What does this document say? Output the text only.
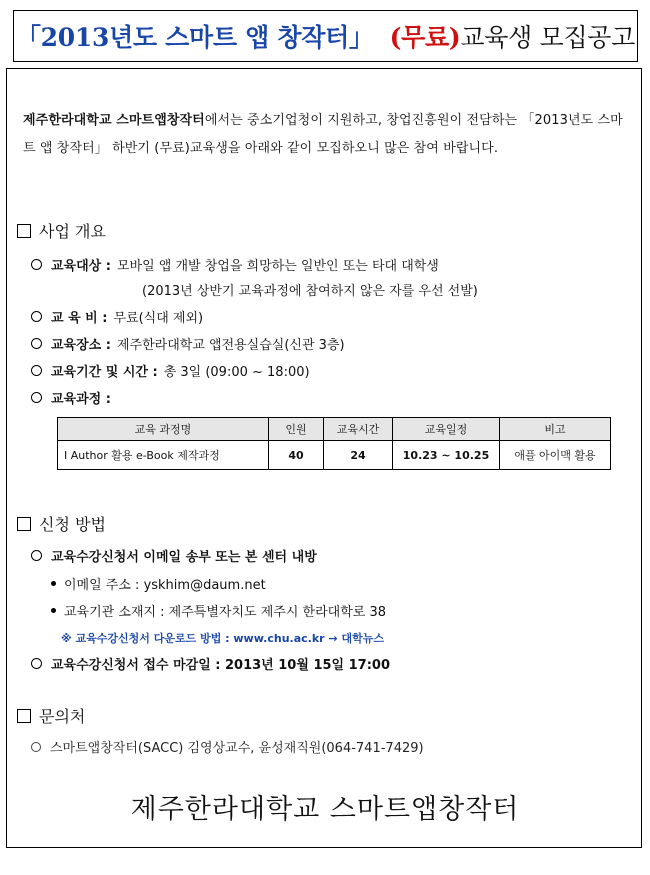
「2013년도 스마트 앱 창작터」 (무료) 교육생 모집공고
제주한라대학교 스마트앱창작터에서는 중소기업청이 지원하고, 창업진흥원이 전담하는 「2013년도 스마트 앱 창작터」 하반기 (무료)교육생을 아래와 같이 모집하오니 많은 참여 바랍니다.
사업 개요
교육대상 : 모바일 앱 개발 창업을 희망하는 일반인 또는 타대 대학생
(2013년 상반기 교육과정에 참여하지 않은 자를 우선 선발)
교 육 비 : 무료(식대 제외)
교육장소 : 제주한라대학교 앱전용실습실(신관 3층)
교육기간 및 시간 : 총 3일 (09:00 ~ 18:00)
교육과정 :
교육 과정명	인원	교육시간	교육일정	비고
I Author 활용 e-Book 제작과정	40	24	10.23 ~ 10.25	애플 아이맥 활용
신청 방법
교육수강신청서 이메일 송부 또는 본 센터 내방
이메일 주소 : yskhim@daum.net
교육기관 소재지 : 제주특별자치도 제주시 한라대학로 38
※ 교육수강신청서 다운로드 방법 : www.chu.ac.kr → 대학뉴스
교육수강신청서 접수 마감일 : 2013년 10월 15일 17:00
문의처
스마트앱창작터(SACC) 김영상교수, 윤성재직원(064-741-7429)
제주한라대학교 스마트앱창작터
